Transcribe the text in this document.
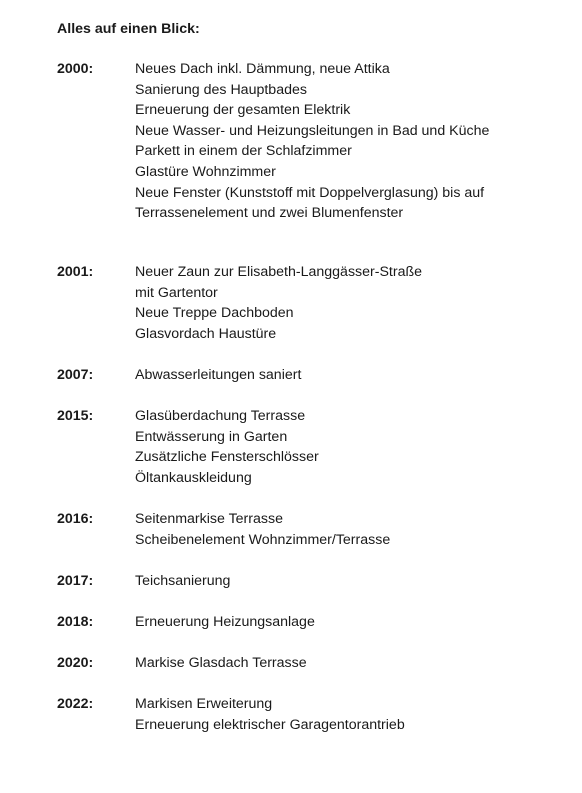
Alles auf einen Blick:
2000:	Neues Dach inkl. Dämmung, neue Attika
Sanierung des Hauptbades
Erneuerung der gesamten Elektrik
Neue Wasser- und Heizungsleitungen in Bad und Küche
Parkett in einem der Schlafzimmer
Glastüre Wohnzimmer
Neue Fenster (Kunststoff mit Doppelverglasung) bis auf
Terrassenelement und zwei Blumenfenster
2001:	Neuer Zaun zur Elisabeth-Langgässer-Straße
mit Gartentor
Neue Treppe Dachboden
Glasvordach Haustüre
2007:	Abwasserleitungen saniert
2015:	Glasüberdachung Terrasse
Entwässerung in Garten
Zusätzliche Fensterschlösser
Öltankauskleidung
2016:	Seitenmarkise Terrasse
Scheibenelement Wohnzimmer/Terrasse
2017:	Teichsanierung
2018:	Erneuerung Heizungsanlage
2020:	Markise Glasdach Terrasse
2022:	Markisen Erweiterung
Erneuerung elektrischer Garagentorantrieb
